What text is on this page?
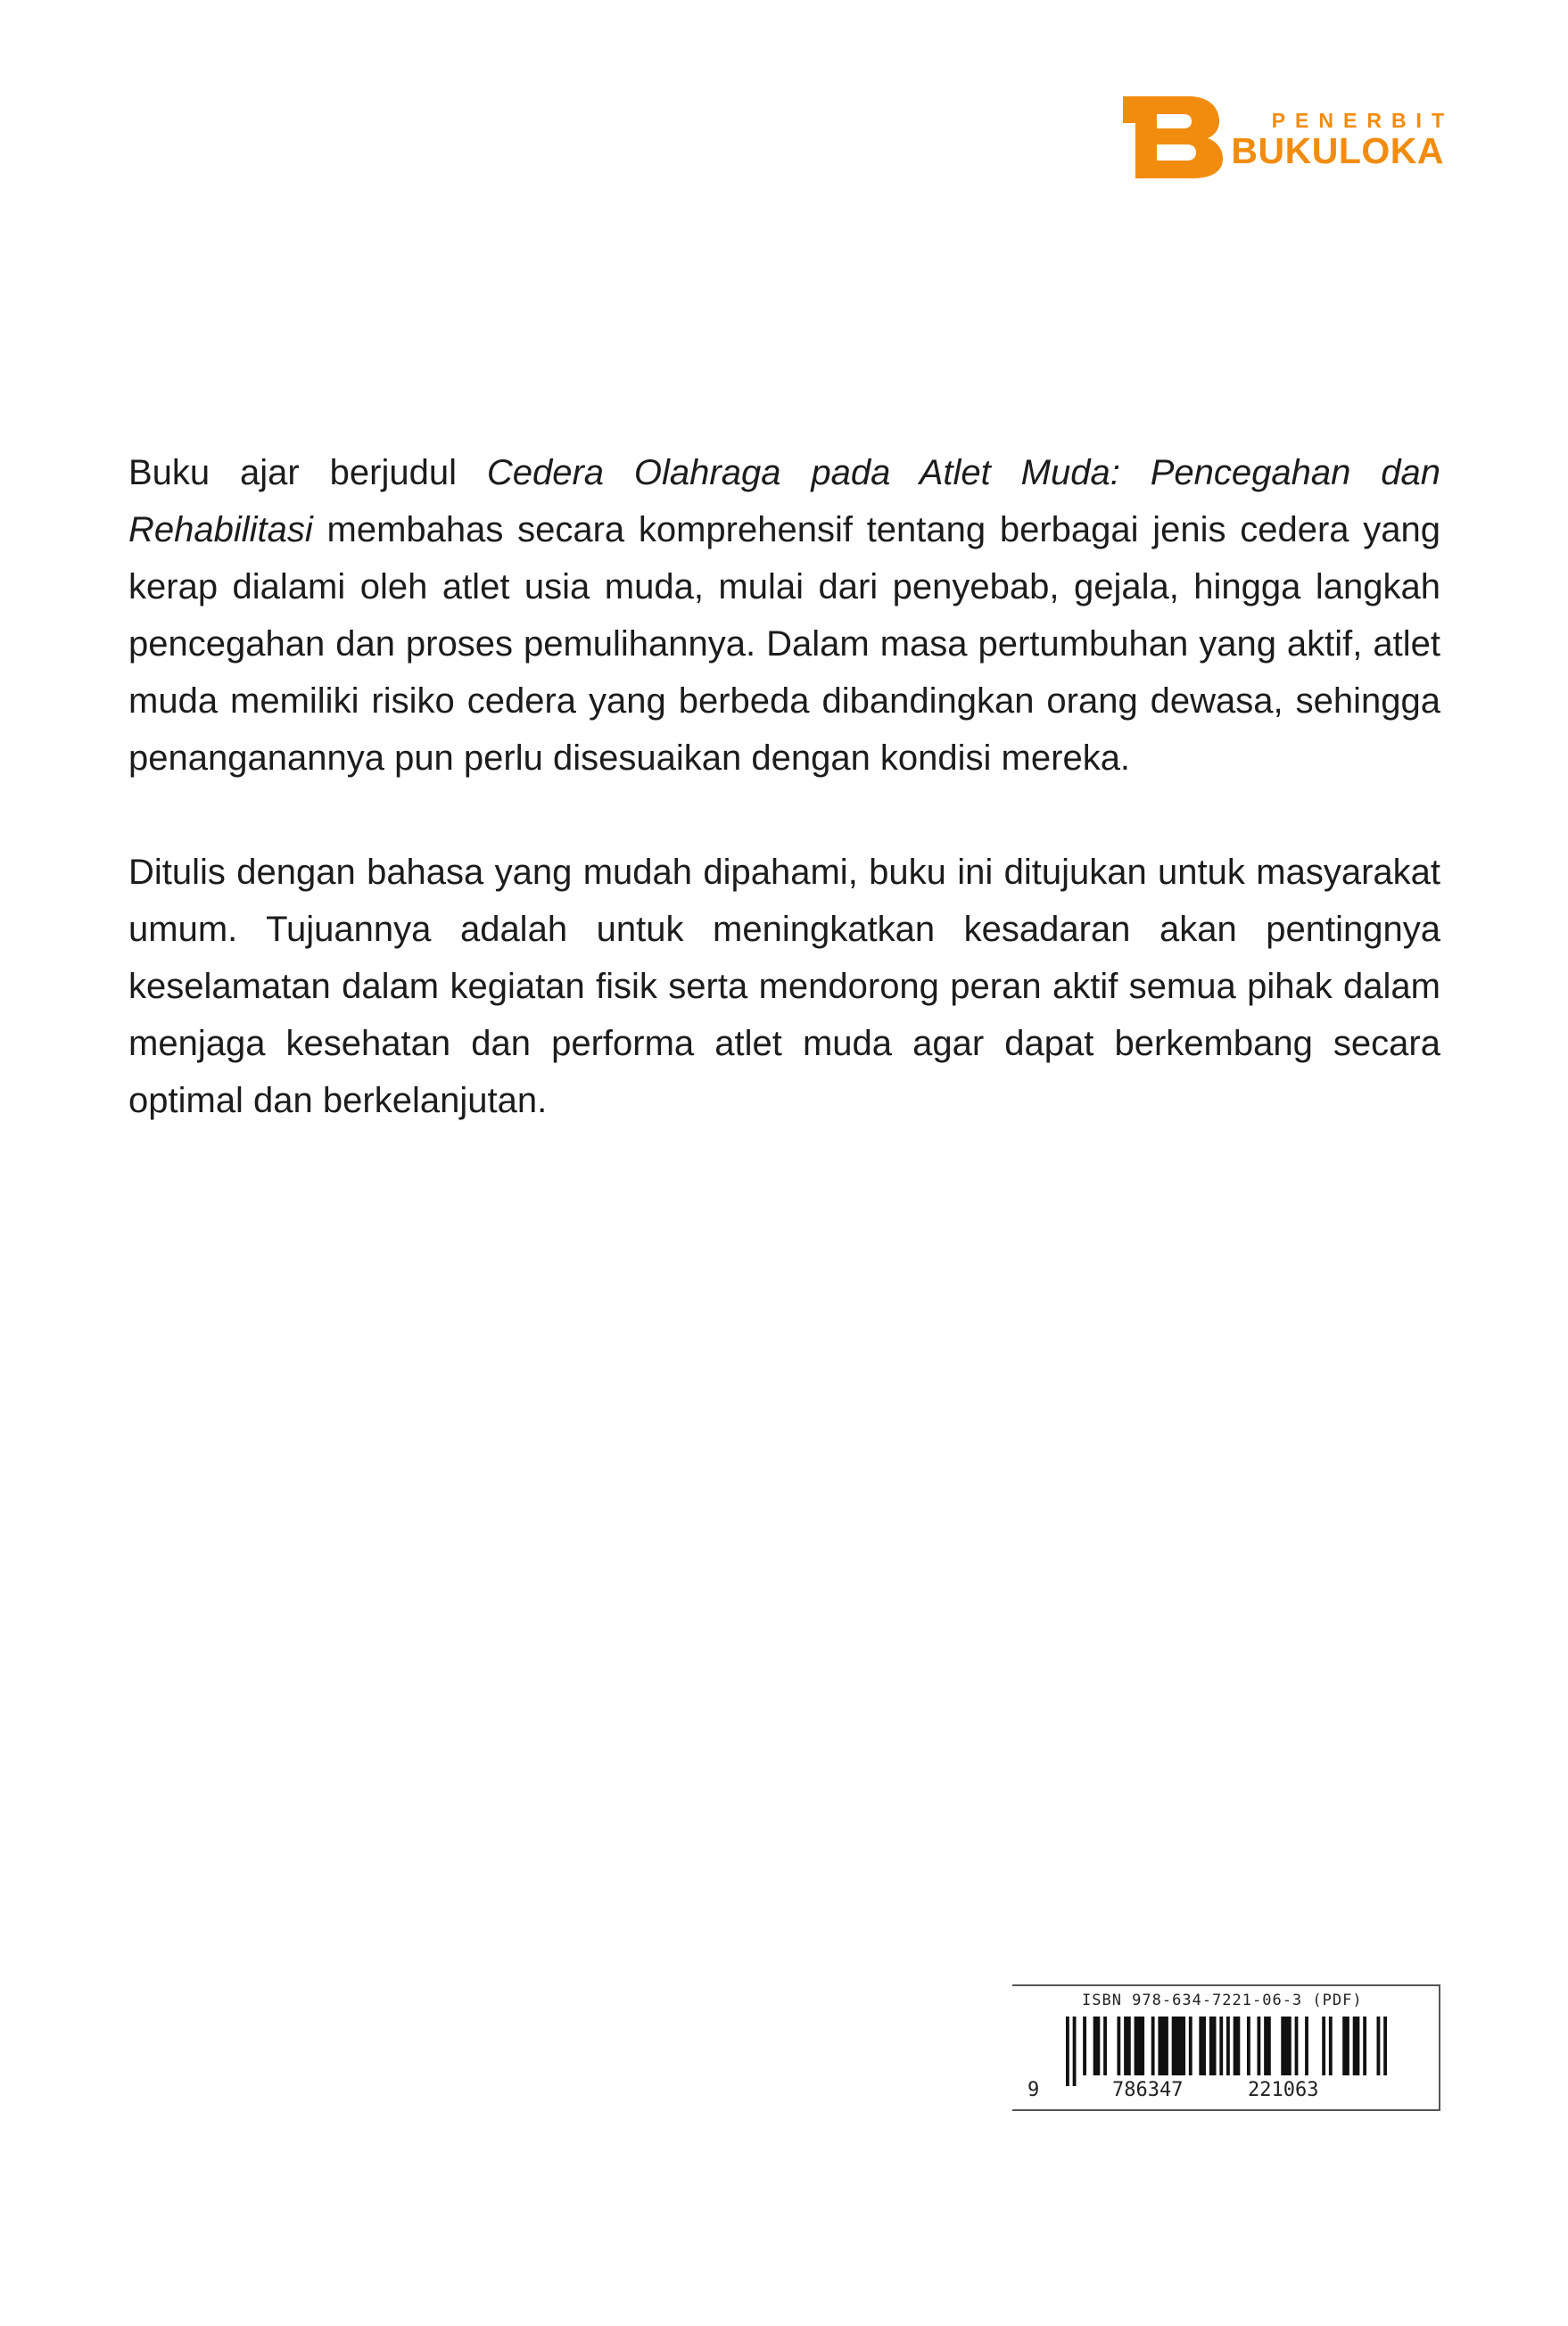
PENERBIT
BUKULOKA

Buku ajar berjudul Cedera Olahraga pada Atlet Muda: Pencegahan dan Rehabilitasi membahas secara komprehensif tentang berbagai jenis cedera yang kerap dialami oleh atlet usia muda, mulai dari penyebab, gejala, hingga langkah pencegahan dan proses pemulihannya. Dalam masa pertumbuhan yang aktif, atlet muda memiliki risiko cedera yang berbeda dibandingkan orang dewasa, sehingga penanganannya pun perlu disesuaikan dengan kondisi mereka.

Ditulis dengan bahasa yang mudah dipahami, buku ini ditujukan untuk masyarakat umum. Tujuannya adalah untuk meningkatkan kesadaran akan pentingnya keselamatan dalam kegiatan fisik serta mendorong peran aktif semua pihak dalam menjaga kesehatan dan performa atlet muda agar dapat berkembang secara optimal dan berkelanjutan.

ISBN 978-634-7221-06-3 (PDF)
9	786347	221063
